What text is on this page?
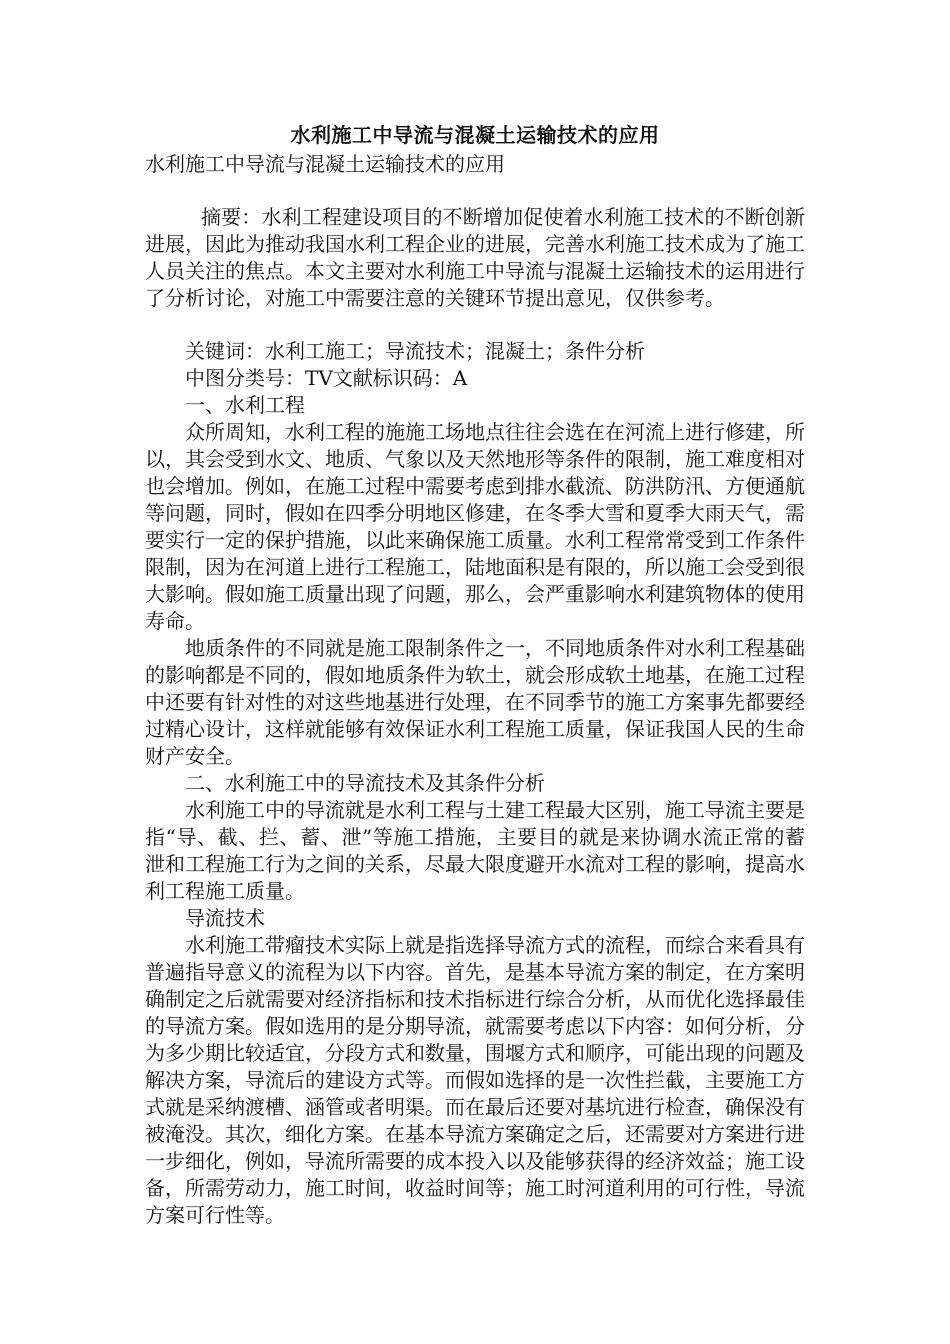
水利施工中导流与混凝土运输技术的应用
水利施工中导流与混凝土运输技术的应用

摘要：水利工程建设项目的不断增加促使着水利施工技术的不断创新进展，因此为推动我国水利工程企业的进展，完善水利施工技术成为了施工人员关注的焦点。本文主要对水利施工中导流与混凝土运输技术的运用进行了分析讨论，对施工中需要注意的关键环节提出意见，仅供参考。

关键词：水利工施工；导流技术；混凝土；条件分析

中图分类号：TV文献标识码：A

一、水利工程

众所周知，水利工程的施施工场地点往往会选在在河流上进行修建，所以，其会受到水文、地质、气象以及天然地形等条件的限制，施工难度相对也会增加。例如，在施工过程中需要考虑到排水截流、防洪防汛、方便通航等问题，同时，假如在四季分明地区修建，在冬季大雪和夏季大雨天气，需要实行一定的保护措施，以此来确保施工质量。水利工程常常受到工作条件限制，因为在河道上进行工程施工，陆地面积是有限的，所以施工会受到很大影响。假如施工质量出现了问题，那么，会严重影响水利建筑物体的使用寿命。

地质条件的不同就是施工限制条件之一，不同地质条件对水利工程基础的影响都是不同的，假如地质条件为软土，就会形成软土地基，在施工过程中还要有针对性的对这些地基进行处理，在不同季节的施工方案事先都要经过精心设计，这样就能够有效保证水利工程施工质量，保证我国人民的生命财产安全。

二、水利施工中的导流技术及其条件分析

水利施工中的导流就是水利工程与土建工程最大区别，施工导流主要是指“导、截、拦、蓄、泄”等施工措施，主要目的就是来协调水流正常的蓄泄和工程施工行为之间的关系，尽最大限度避开水流对工程的影响，提高水利工程施工质量。

导流技术

水利施工带瘤技术实际上就是指选择导流方式的流程，而综合来看具有普遍指导意义的流程为以下内容。首先，是基本导流方案的制定，在方案明确制定之后就需要对经济指标和技术指标进行综合分析，从而优化选择最佳的导流方案。假如选用的是分期导流，就需要考虑以下内容：如何分析，分为多少期比较适宜，分段方式和数量，围堰方式和顺序，可能出现的问题及解决方案，导流后的建设方式等。而假如选择的是一次性拦截，主要施工方式就是采纳渡槽、涵管或者明渠。而在最后还要对基坑进行检查，确保没有被淹没。其次，细化方案。在基本导流方案确定之后，还需要对方案进行进一步细化，例如，导流所需要的成本投入以及能够获得的经济效益；施工设备，所需劳动力，施工时间，收益时间等；施工时河道利用的可行性，导流方案可行性等。
